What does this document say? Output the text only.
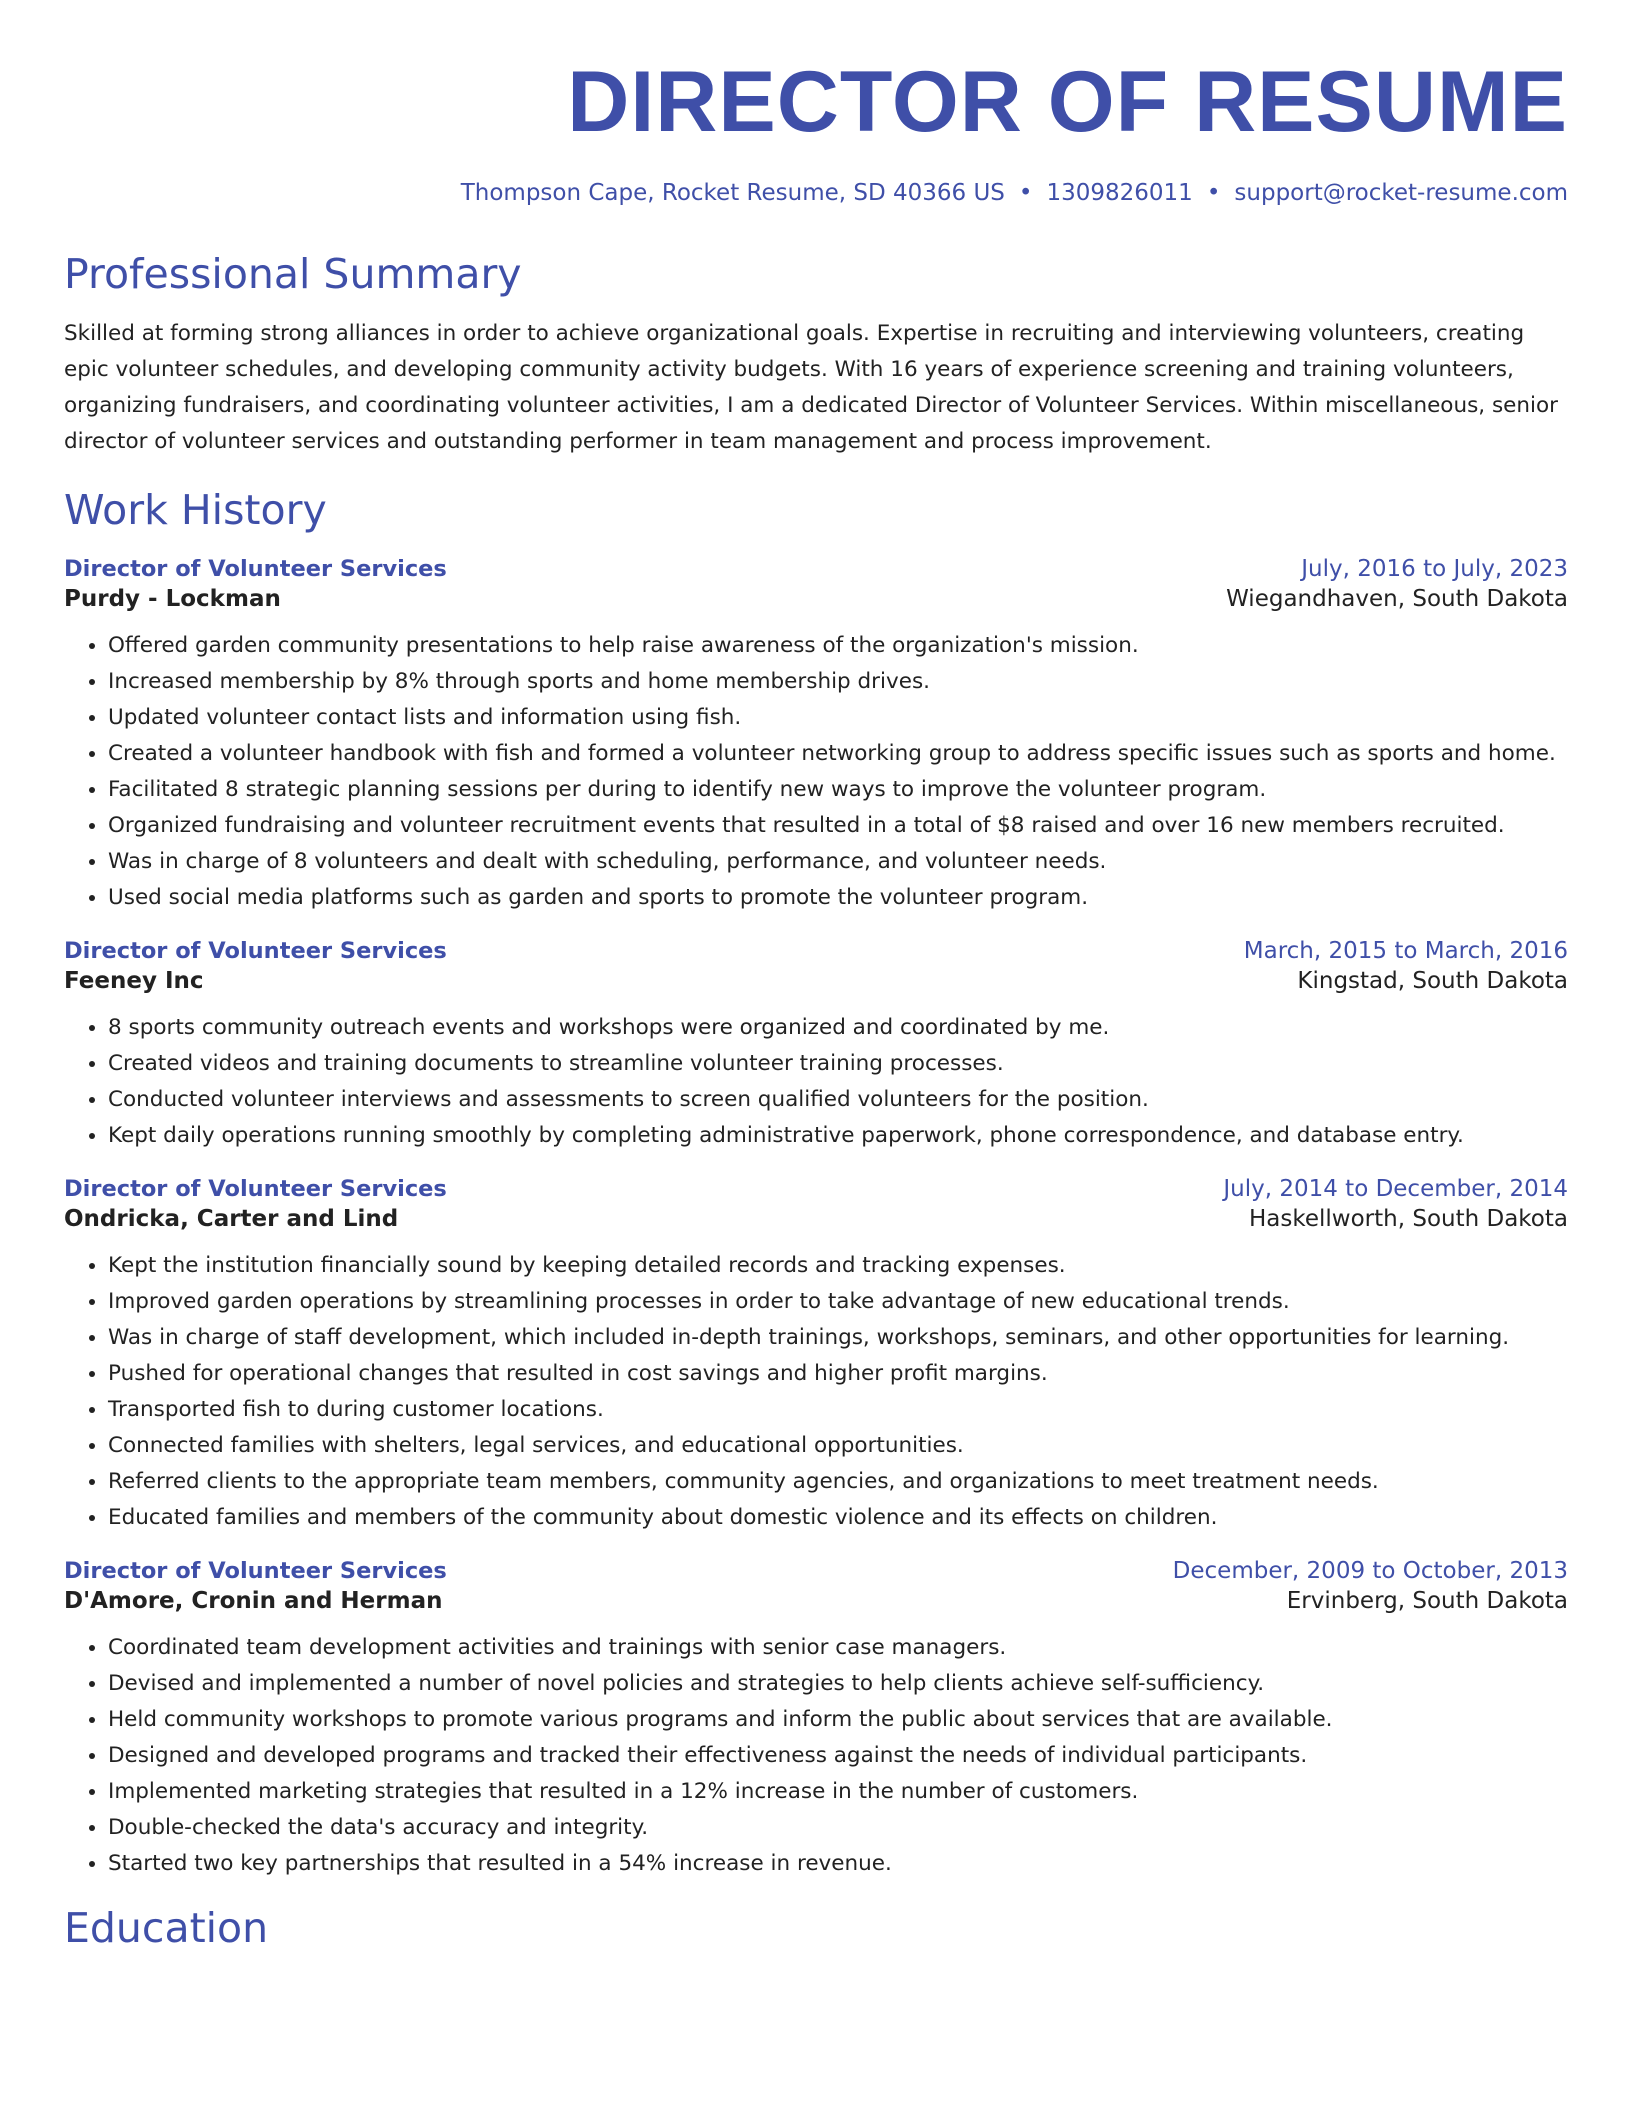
DIRECTOR OF RESUME
Thompson Cape, Rocket Resume, SD 40366 US • 1309826011 • support@rocket-resume.com
Professional Summary
Skilled at forming strong alliances in order to achieve organizational goals. Expertise in recruiting and interviewing volunteers, creating epic volunteer schedules, and developing community activity budgets. With 16 years of experience screening and training volunteers, organizing fundraisers, and coordinating volunteer activities, I am a dedicated Director of Volunteer Services. Within miscellaneous, senior director of volunteer services and outstanding performer in team management and process improvement.
Work History
Director of Volunteer Services	July, 2016 to July, 2023
Purdy - Lockman	Wiegandhaven, South Dakota
• Offered garden community presentations to help raise awareness of the organization's mission.
• Increased membership by 8% through sports and home membership drives.
• Updated volunteer contact lists and information using fish.
• Created a volunteer handbook with fish and formed a volunteer networking group to address specific issues such as sports and home.
• Facilitated 8 strategic planning sessions per during to identify new ways to improve the volunteer program.
• Organized fundraising and volunteer recruitment events that resulted in a total of $8 raised and over 16 new members recruited.
• Was in charge of 8 volunteers and dealt with scheduling, performance, and volunteer needs.
• Used social media platforms such as garden and sports to promote the volunteer program.
Director of Volunteer Services	March, 2015 to March, 2016
Feeney Inc	Kingstad, South Dakota
• 8 sports community outreach events and workshops were organized and coordinated by me.
• Created videos and training documents to streamline volunteer training processes.
• Conducted volunteer interviews and assessments to screen qualified volunteers for the position.
• Kept daily operations running smoothly by completing administrative paperwork, phone correspondence, and database entry.
Director of Volunteer Services	July, 2014 to December, 2014
Ondricka, Carter and Lind	Haskellworth, South Dakota
• Kept the institution financially sound by keeping detailed records and tracking expenses.
• Improved garden operations by streamlining processes in order to take advantage of new educational trends.
• Was in charge of staff development, which included in-depth trainings, workshops, seminars, and other opportunities for learning.
• Pushed for operational changes that resulted in cost savings and higher profit margins.
• Transported fish to during customer locations.
• Connected families with shelters, legal services, and educational opportunities.
• Referred clients to the appropriate team members, community agencies, and organizations to meet treatment needs.
• Educated families and members of the community about domestic violence and its effects on children.
Director of Volunteer Services	December, 2009 to October, 2013
D'Amore, Cronin and Herman	Ervinberg, South Dakota
• Coordinated team development activities and trainings with senior case managers.
• Devised and implemented a number of novel policies and strategies to help clients achieve self-sufficiency.
• Held community workshops to promote various programs and inform the public about services that are available.
• Designed and developed programs and tracked their effectiveness against the needs of individual participants.
• Implemented marketing strategies that resulted in a 12% increase in the number of customers.
• Double-checked the data's accuracy and integrity.
• Started two key partnerships that resulted in a 54% increase in revenue.
Education
